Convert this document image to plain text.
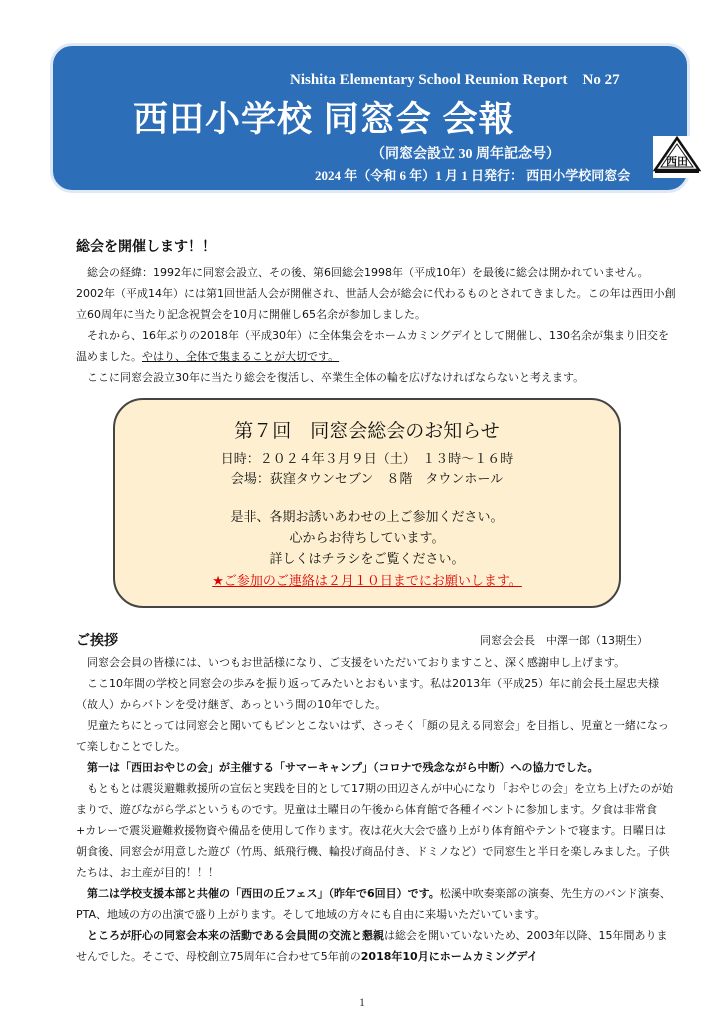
Nishita Elementary School Reunion Report　No 27
西田小学校 同窓会 会報
（同窓会設立 30 周年記念号）
2024 年（令和 6 年）1 月 1 日発行： 西田小学校同窓会
西田
総会を開催します！！

総会の経緯：1992年に同窓会設立、その後、第6回総会1998年（平成10年）を最後に総会は開かれていません。2002年（平成14年）には第1回世話人会が開催され、世話人会が総会に代わるものとされてきました。この年は西田小創立60周年に当たり記念祝賀会を10月に開催し65名余が参加しました。

それから、16年ぶりの2018年（平成30年）に全体集会をホームカミングデイとして開催し、130名余が集まり旧交を温めました。やはり、全体で集まることが大切です。

ここに同窓会設立30年に当たり総会を復活し、卒業生全体の輪を広げなければならないと考えます。

第７回　同窓会総会のお知らせ
日時：２０２４年３月９日（土）　１３時〜１６時
会場：荻窪タウンセブン　８階　タウンホール
是非、各期お誘いあわせの上ご参加ください。
心からお待ちしています。
詳しくはチラシをご覧ください。
★ご参加のご連絡は２月１０日までにお願いします。
ご挨拶	同窓会会長　中澤一郎（13期生）

同窓会会員の皆様には、いつもお世話様になり、ご支援をいただいておりますこと、深く感謝申し上げます。

ここ10年間の学校と同窓会の歩みを振り返ってみたいとおもいます。私は2013年（平成25）年に前会長土屋忠夫様（故人）からバトンを受け継ぎ、あっという間の10年でした。

児童たちにとっては同窓会と聞いてもピンとこないはず、さっそく「顔の見える同窓会」を目指し、児童と一緒になって楽しむことでした。

第一は「西田おやじの会」が主催する「サマーキャンプ」（コロナで残念ながら中断）への協力でした。

もともとは震災避難救援所の宣伝と実践を目的として17期の田辺さんが中心になり「おやじの会」を立ち上げたのが始まりで、遊びながら学ぶというものです。児童は土曜日の午後から体育館で各種イベントに参加します。夕食は非常食+カレーで震災避難救援物資や備品を使用して作ります。夜は花火大会で盛り上がり体育館やテントで寝ます。日曜日は朝食後、同窓会が用意した遊び（竹馬、紙飛行機、輪投げ商品付き、ドミノなど）で同窓生と半日を楽しみました。子供たちは、お土産が目的！！！

第二は学校支援本部と共催の「西田の丘フェス」（昨年で6回目）です。松溪中吹奏楽部の演奏、先生方のバンド演奏、PTA、地域の方の出演で盛り上がります。そして地域の方々にも自由に来場いただいています。

ところが肝心の同窓会本来の活動である会員間の交流と懇親は総会を開いていないため、2003年以降、15年間ありませんでした。そこで、母校創立75周年に合わせて5年前の2018年10月にホームカミングデイ

1
